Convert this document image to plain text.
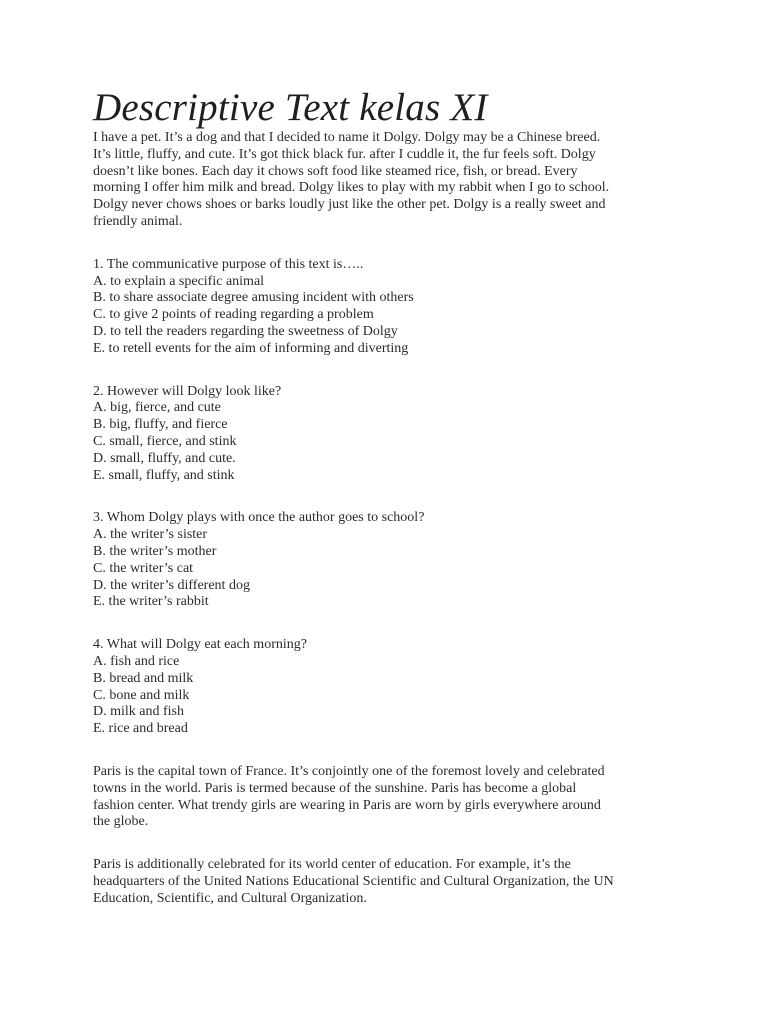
Descriptive Text kelas XI
I have a pet. It’s a dog and that I decided to name it Dolgy. Dolgy may be a Chinese breed.
It’s little, fluffy, and cute. It’s got thick black fur. after I cuddle it, the fur feels soft. Dolgy
doesn’t like bones. Each day it chows soft food like steamed rice, fish, or bread. Every
morning I offer him milk and bread. Dolgy likes to play with my rabbit when I go to school.
Dolgy never chows shoes or barks loudly just like the other pet. Dolgy is a really sweet and
friendly animal.
1. The communicative purpose of this text is…..
A. to explain a specific animal
B. to share associate degree amusing incident with others
C. to give 2 points of reading regarding a problem
D. to tell the readers regarding the sweetness of Dolgy
E. to retell events for the aim of informing and diverting
2. However will Dolgy look like?
A. big, fierce, and cute
B. big, fluffy, and fierce
C. small, fierce, and stink
D. small, fluffy, and cute.
E. small, fluffy, and stink
3. Whom Dolgy plays with once the author goes to school?
A. the writer’s sister
B. the writer’s mother
C. the writer’s cat
D. the writer’s different dog
E. the writer’s rabbit
4. What will Dolgy eat each morning?
A. fish and rice
B. bread and milk
C. bone and milk
D. milk and fish
E. rice and bread
Paris is the capital town of France. It’s conjointly one of the foremost lovely and celebrated
towns in the world. Paris is termed because of the sunshine. Paris has become a global
fashion center. What trendy girls are wearing in Paris are worn by girls everywhere around
the globe.
Paris is additionally celebrated for its world center of education. For example, it’s the
headquarters of the United Nations Educational Scientific and Cultural Organization, the UN
Education, Scientific, and Cultural Organization.
